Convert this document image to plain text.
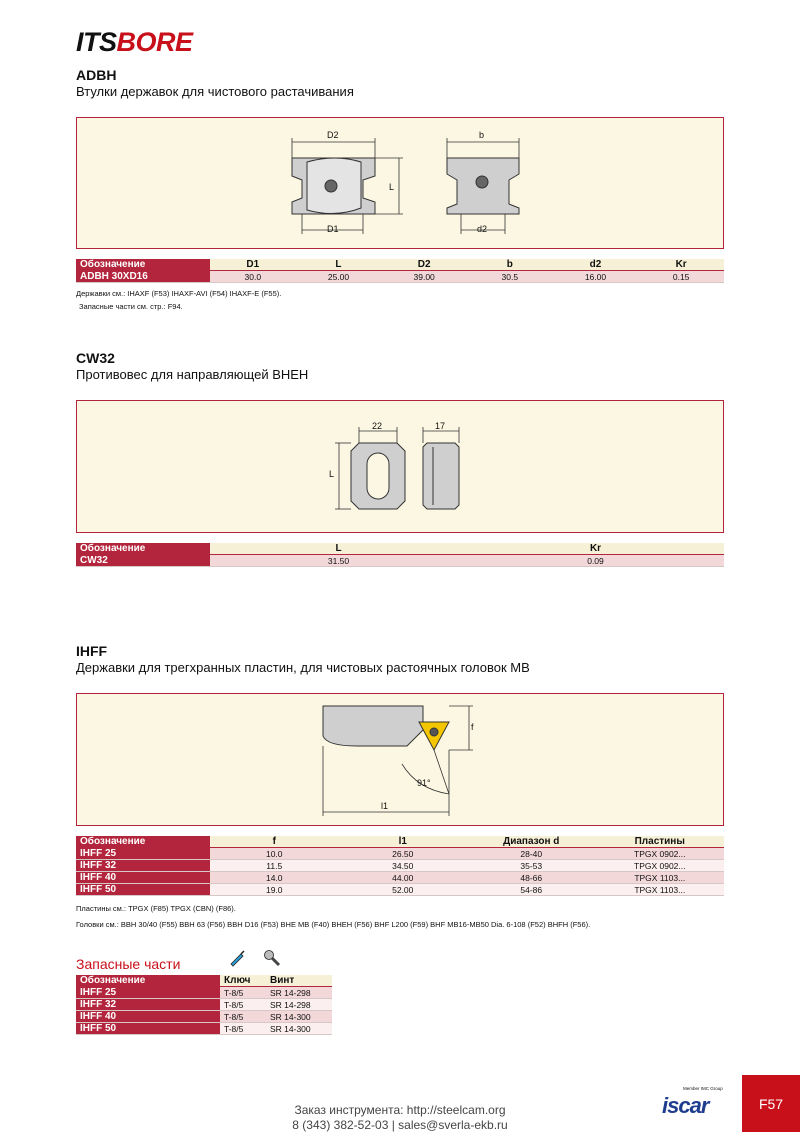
ITSBORE
ADBH
Втулки державок для чистового растачивания
D2
D1
L
b
d2
Обозначение	D1	L	D2	b	d2	Kr
ADBH 30XD16	30.0	25.00	39.00	30.5	16.00	0.15
Державки см.: IHAXF (F53) IHAXF-AVI (F54) IHAXF-E (F55).
Запасные части см. стр.: F94.
CW32
Противовес для направляющей BHEH
22	17
L
Обозначение	L	Kr
CW32	31.50	0.09
IHFF
Державки для трегхранных пластин, для чистовых растоячных головок MB
f
91°
l1
Обозначение	f	l1	Диапазон d	Пластины
IHFF 25	10.0	26.50	28-40	TPGX 0902...
IHFF 32	11.5	34.50	35-53	TPGX 0902...
IHFF 40	14.0	44.00	48-66	TPGX 1103...
IHFF 50	19.0	52.00	54-86	TPGX 1103...
Пластины см.: TPGX (F85) TPGX (CBN) (F86).
Головки см.: BBH 30/40 (F55) BBH 63 (F56) BBH D16 (F53) BHE MB (F40) BHEH (F56) BHF L200 (F59) BHF MB16-MB50 Dia. 6-108 (F52) BHFH (F56).
Запасные части
Обозначение	Ключ	Винт
IHFF 25	T-8/5	SR 14-298
IHFF 32	T-8/5	SR 14-298
IHFF 40	T-8/5	SR 14-300
IHFF 50	T-8/5	SR 14-300
Заказ инструмента: http://steelcam.org
8 (343) 382-52-03 | sales@sverla-ekb.ru
Member IMC Group
iscar	F57
